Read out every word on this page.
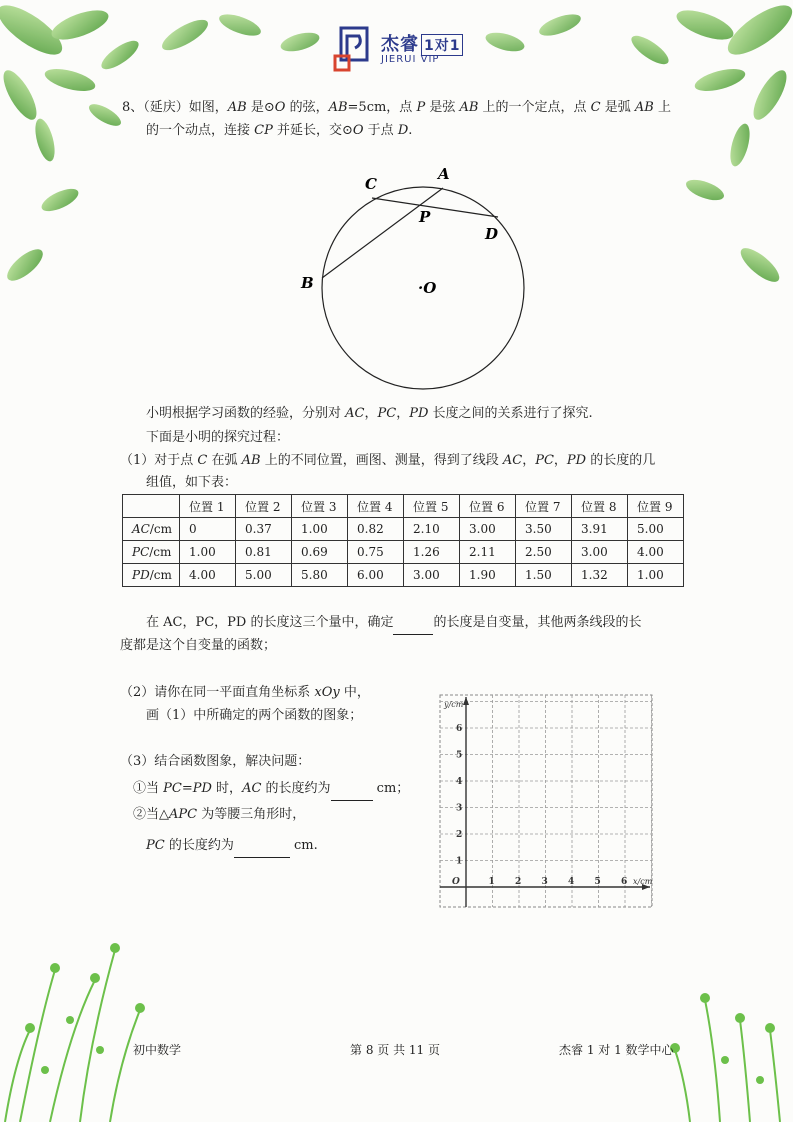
杰睿 1对1
JIERUI VIP
8、（延庆）如图，AB 是⊙O 的弦，AB=5cm，点 P 是弦 AB 上的一个定点，点 C 是弧 AB 上
的一个动点，连接 CP 并延长，交⊙O 于点 D.
A
C
P
D
B	·O
小明根据学习函数的经验，分别对 AC，PC，PD 长度之间的关系进行了探究.
下面是小明的探究过程：
（1）对于点 C 在弧 AB 上的不同位置，画图、测量，得到了线段 AC，PC，PD 的长度的几
组值，如下表：
	位置 1	位置 2	位置 3	位置 4	位置 5	位置 6	位置 7	位置 8	位置 9
AC/cm	0	0.37	1.00	0.82	2.10	3.00	3.50	3.91	5.00
PC/cm	1.00	0.81	0.69	0.75	1.26	2.11	2.50	3.00	4.00
PD/cm	4.00	5.00	5.80	6.00	3.00	1.90	1.50	1.32	1.00
在 AC，PC，PD 的长度这三个量中，确定	的长度是自变量，其他两条线段的长
度都是这个自变量的函数；
（2）请你在同一平面直角坐标系 xOy 中，
画（1）中所确定的两个函数的图象；
（3）结合函数图象，解决问题：
①当 PC=PD 时，AC 的长度约为	cm；
②当△APC 为等腰三角形时，
PC 的长度约为	cm.
1 2 3 4 5 6
1
2
3
4
5
6
O
y/cm
x/cm
初中数学	第 8 页 共 11 页	杰睿 1 对 1 数学中心
